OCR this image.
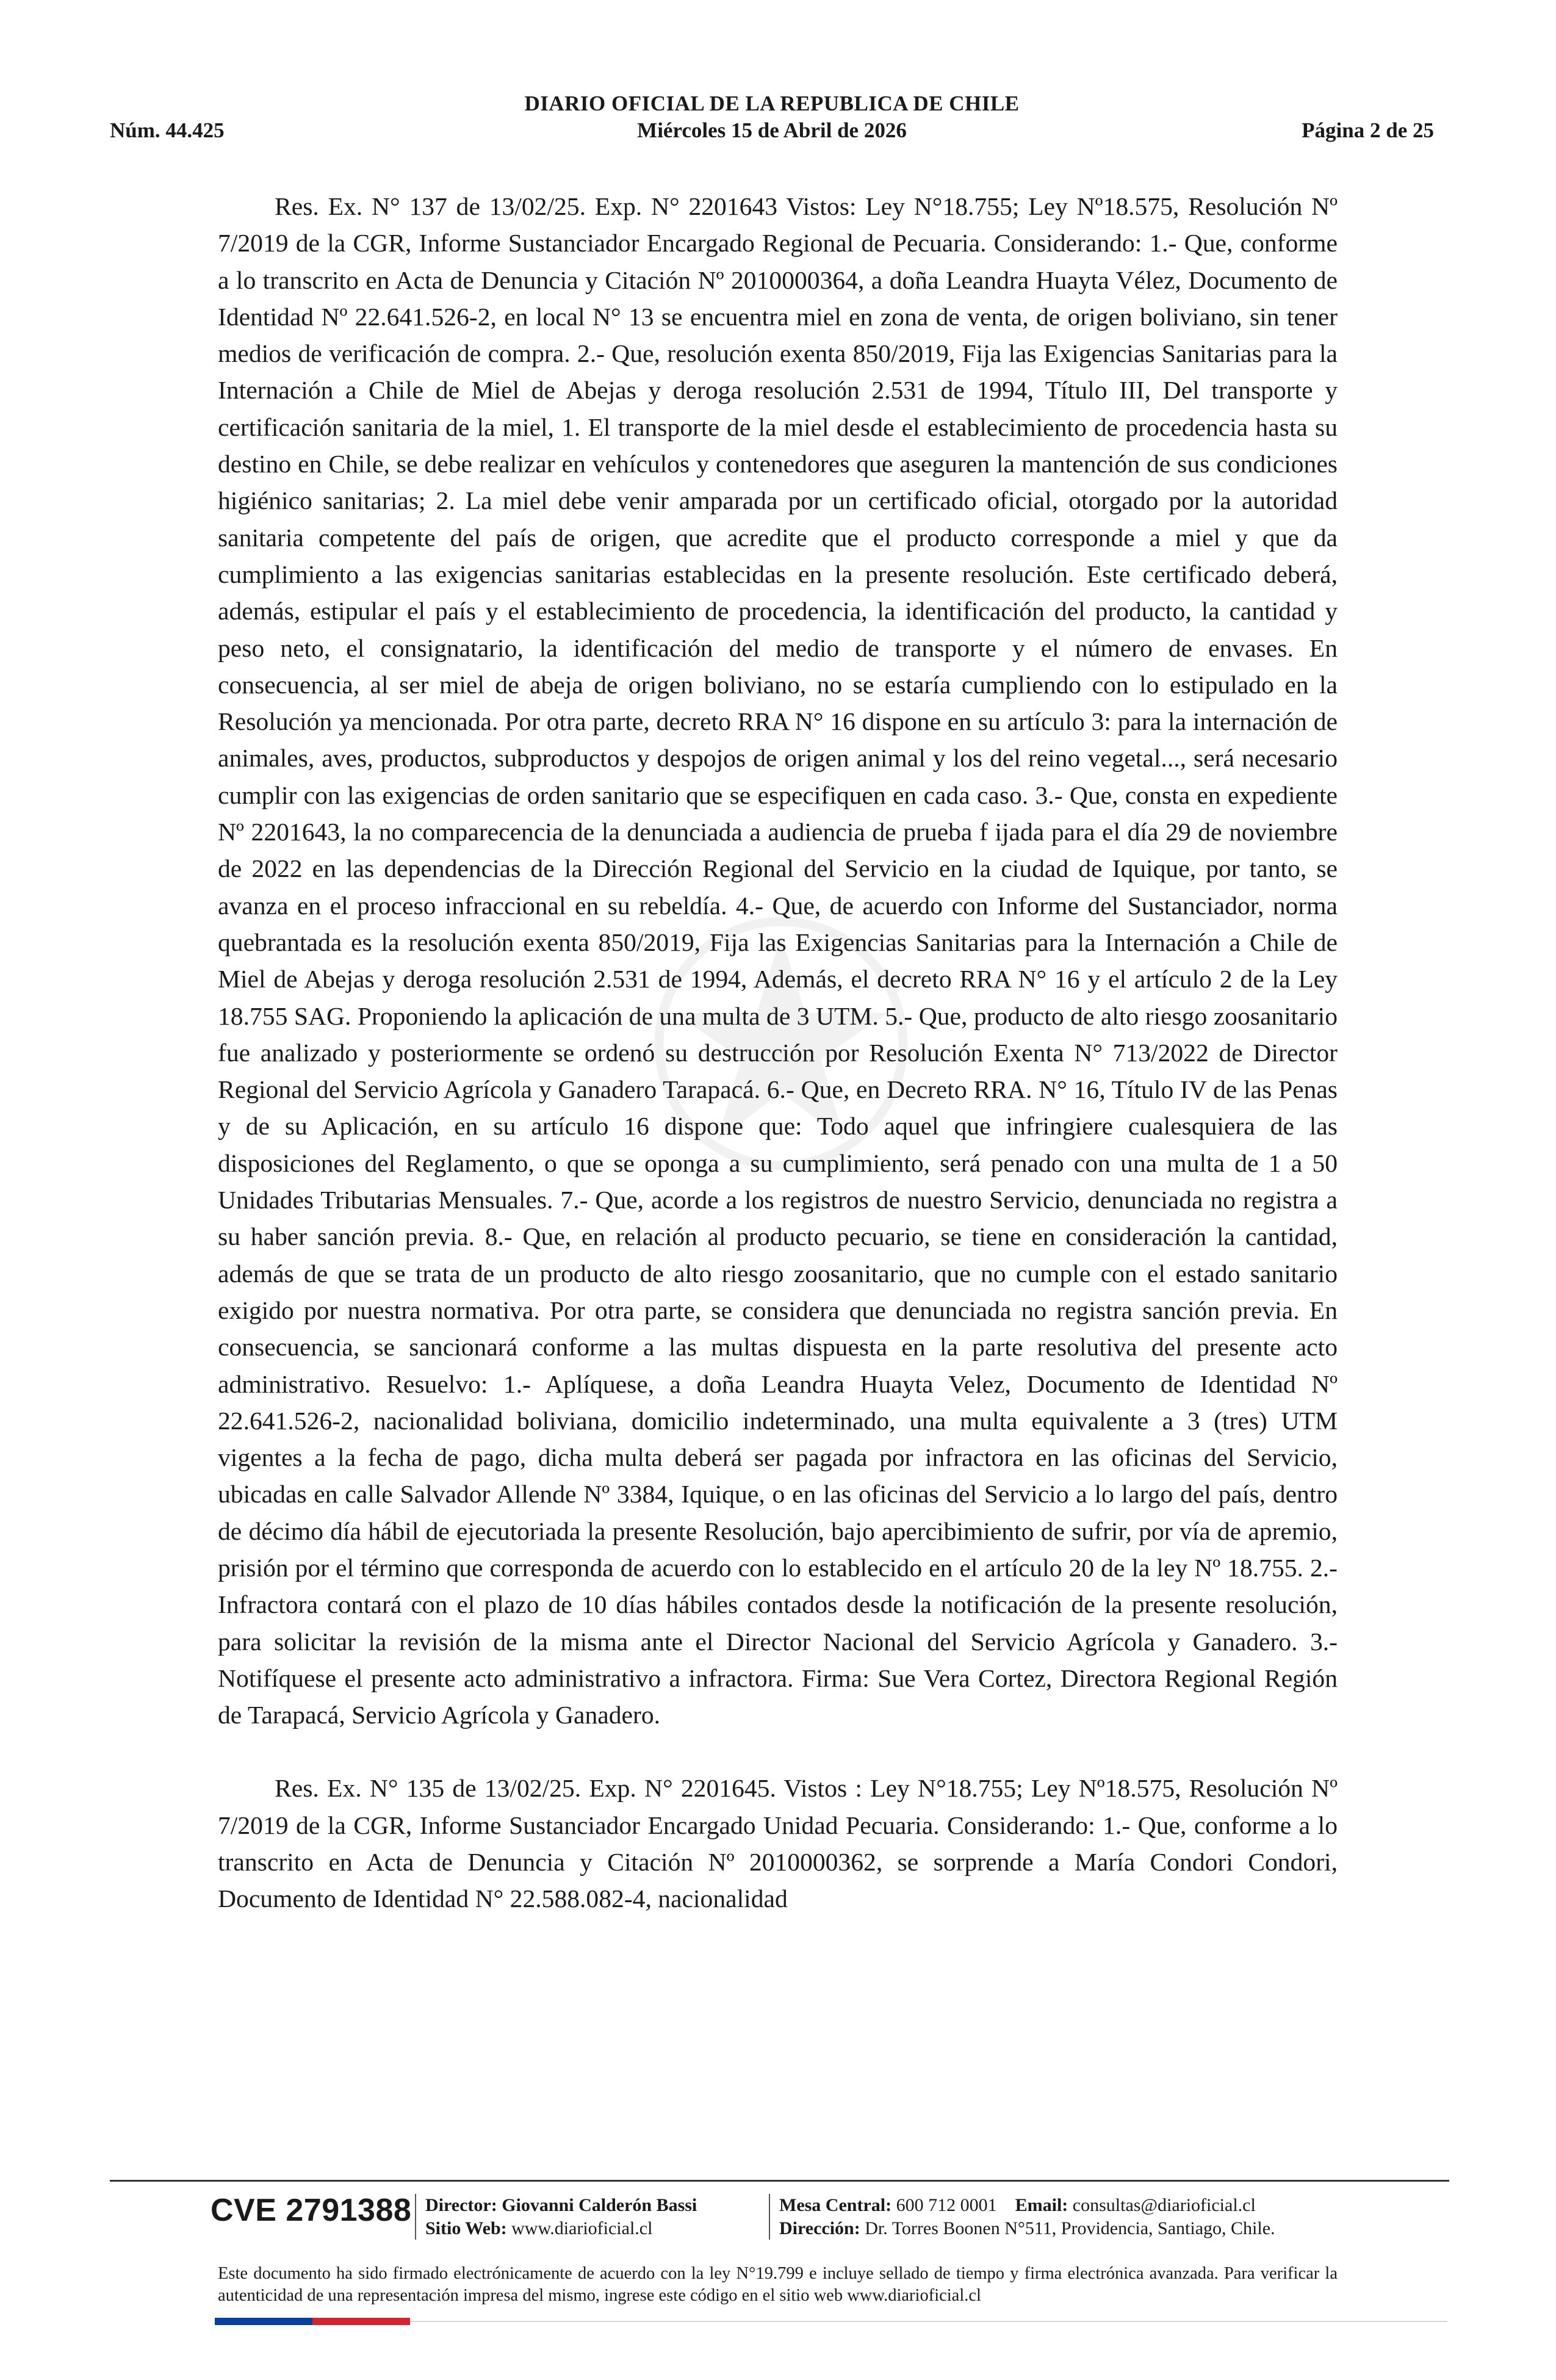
DIARIO OFICIAL DE LA REPUBLICA DE CHILE
Núm. 44.425	Miércoles 15 de Abril de 2026	Página 2 de 25

Res. Ex. N° 137 de 13/02/25. Exp. N° 2201643 Vistos: Ley N°18.755; Ley Nº18.575, Resolución Nº 7/2019 de la CGR, Informe Sustanciador Encargado Regional de Pecuaria. Considerando: 1.- Que, conforme a lo transcrito en Acta de Denuncia y Citación Nº 2010000364, a doña Leandra Huayta Vélez, Documento de Identidad Nº 22.641.526-2, en local N° 13 se encuentra miel en zona de venta, de origen boliviano, sin tener medios de verificación de compra. 2.- Que, resolución exenta 850/2019, Fija las Exigencias Sanitarias para la Internación a Chile de Miel de Abejas y deroga resolución 2.531 de 1994, Título III, Del transporte y certificación sanitaria de la miel, 1. El transporte de la miel desde el establecimiento de procedencia hasta su destino en Chile, se debe realizar en vehículos y contenedores que aseguren la mantención de sus condiciones higiénico sanitarias; 2. La miel debe venir amparada por un certificado oficial, otorgado por la autoridad sanitaria competente del país de origen, que acredite que el producto corresponde a miel y que da cumplimiento a las exigencias sanitarias establecidas en la presente resolución. Este certificado deberá, además, estipular el país y el establecimiento de procedencia, la identificación del producto, la cantidad y peso neto, el consignatario, la identificación del medio de transporte y el número de envases. En consecuencia, al ser miel de abeja de origen boliviano, no se estaría cumpliendo con lo estipulado en la Resolución ya mencionada. Por otra parte, decreto RRA N° 16 dispone en su artículo 3: para la internación de animales, aves, productos, subproductos y despojos de origen animal y los del reino vegetal..., será necesario cumplir con las exigencias de orden sanitario que se especifiquen en cada caso. 3.- Que, consta en expediente Nº 2201643, la no comparecencia de la denunciada a audiencia de prueba f ijada para el día 29 de noviembre de 2022 en las dependencias de la Dirección Regional del Servicio en la ciudad de Iquique, por tanto, se avanza en el proceso infraccional en su rebeldía. 4.- Que, de acuerdo con Informe del Sustanciador, norma quebrantada es la resolución exenta 850/2019, Fija las Exigencias Sanitarias para la Internación a Chile de Miel de Abejas y deroga resolución 2.531 de 1994, Además, el decreto RRA N° 16 y el artículo 2 de la Ley 18.755 SAG. Proponiendo la aplicación de una multa de 3 UTM. 5.- Que, producto de alto riesgo zoosanitario fue analizado y posteriormente se ordenó su destrucción por Resolución Exenta N° 713/2022 de Director Regional del Servicio Agrícola y Ganadero Tarapacá. 6.- Que, en Decreto RRA. N° 16, Título IV de las Penas y de su Aplicación, en su artículo 16 dispone que: Todo aquel que infringiere cualesquiera de las disposiciones del Reglamento, o que se oponga a su cumplimiento, será penado con una multa de 1 a 50 Unidades Tributarias Mensuales. 7.- Que, acorde a los registros de nuestro Servicio, denunciada no registra a su haber sanción previa. 8.- Que, en relación al producto pecuario, se tiene en consideración la cantidad, además de que se trata de un producto de alto riesgo zoosanitario, que no cumple con el estado sanitario exigido por nuestra normativa. Por otra parte, se considera que denunciada no registra sanción previa. En consecuencia, se sancionará conforme a las multas dispuesta en la parte resolutiva del presente acto administrativo. Resuelvo: 1.- Aplíquese, a doña Leandra Huayta Velez, Documento de Identidad Nº 22.641.526-2, nacionalidad boliviana, domicilio indeterminado, una multa equivalente a 3 (tres) UTM vigentes a la fecha de pago, dicha multa deberá ser pagada por infractora en las oficinas del Servicio, ubicadas en calle Salvador Allende Nº 3384, Iquique, o en las oficinas del Servicio a lo largo del país, dentro de décimo día hábil de ejecutoriada la presente Resolución, bajo apercibimiento de sufrir, por vía de apremio, prisión por el término que corresponda de acuerdo con lo establecido en el artículo 20 de la ley Nº 18.755. 2.- Infractora contará con el plazo de 10 días hábiles contados desde la notificación de la presente resolución, para solicitar la revisión de la misma ante el Director Nacional del Servicio Agrícola y Ganadero. 3.- Notifíquese el presente acto administrativo a infractora. Firma: Sue Vera Cortez, Directora Regional Región de Tarapacá, Servicio Agrícola y Ganadero.

Res. Ex. N° 135 de 13/02/25. Exp. N° 2201645. Vistos : Ley N°18.755; Ley Nº18.575, Resolución Nº 7/2019 de la CGR, Informe Sustanciador Encargado Unidad Pecuaria. Considerando: 1.- Que, conforme a lo transcrito en Acta de Denuncia y Citación Nº 2010000362, se sorprende a María Condori Condori, Documento de Identidad N° 22.588.082-4, nacionalidad

CVE 2791388 Director: Giovanni Calderón Bassi
Sitio Web: www.diarioficial.cl
Mesa Central: 600 712 0001 Email: consultas@diarioficial.cl
Dirección: Dr. Torres Boonen N°511, Providencia, Santiago, Chile.
Este documento ha sido firmado electrónicamente de acuerdo con la ley N°19.799 e incluye sellado de tiempo y firma electrónica avanzada. Para verificar la autenticidad de una representación impresa del mismo, ingrese este código en el sitio web www.diarioficial.cl
